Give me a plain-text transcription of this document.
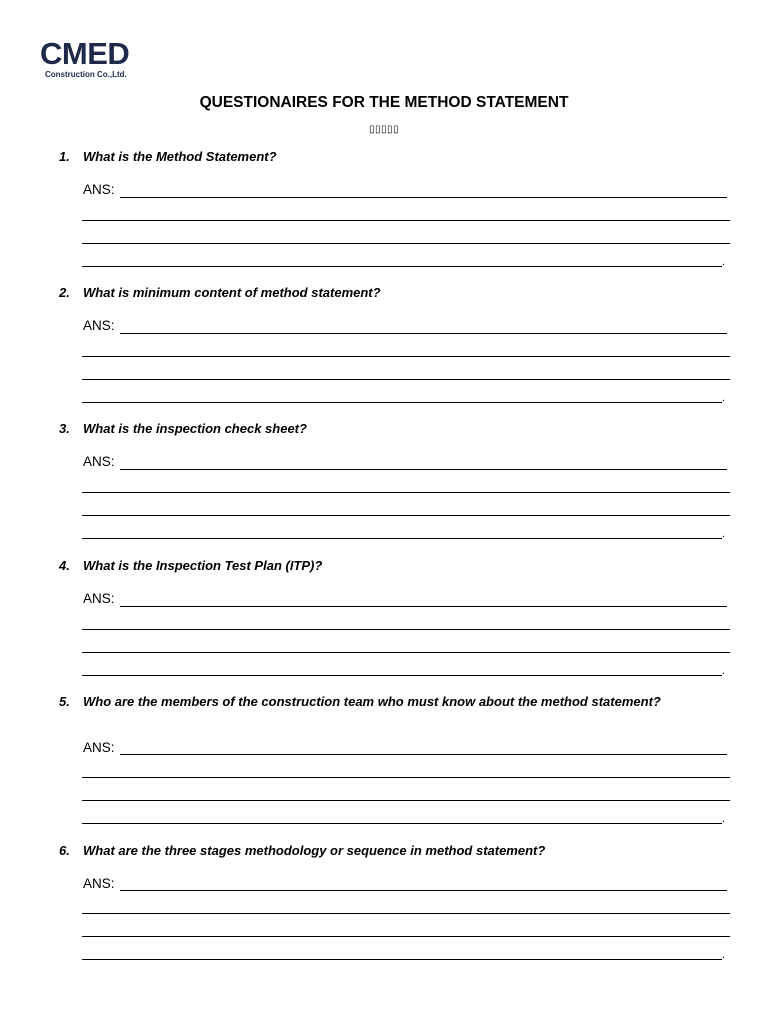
CMED
Construction Co.,Ltd.
QUESTIONAIRES FOR THE METHOD STATEMENT
▯▯▯▯▯
1. What is the Method Statement?
ANS:
.
2. What is minimum content of method statement?
ANS:
.
3. What is the inspection check sheet?
ANS:
.
4. What is the Inspection Test Plan (ITP)?
ANS:
.
5. Who are the members of the construction team who must know about the method statement?
ANS:
.
6. What are the three stages methodology or sequence in method statement?
ANS:
.
